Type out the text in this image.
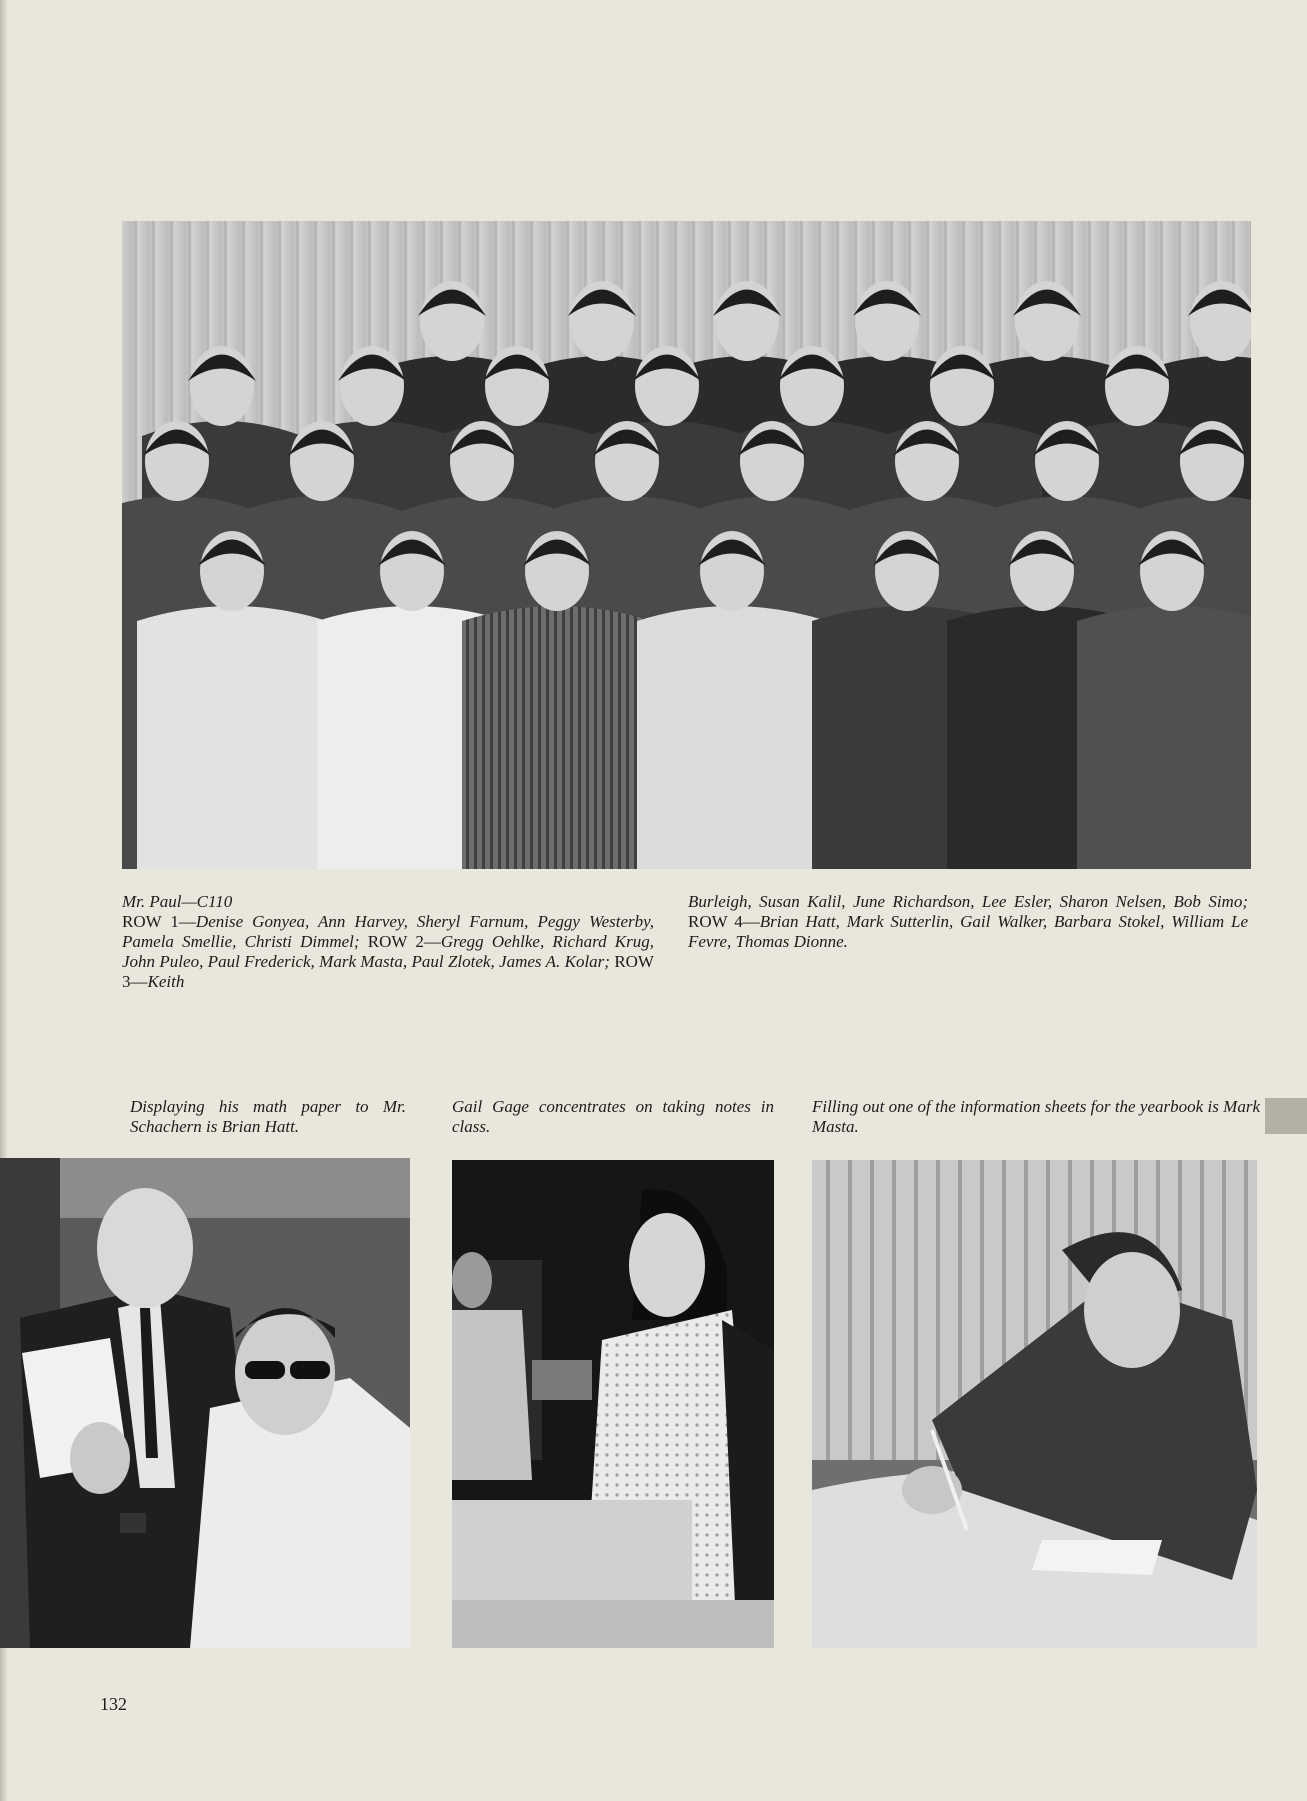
Mr. Paul—C110
ROW 1—Denise Gonyea, Ann Harvey, Sheryl Farnum, Peggy Westerby, Pamela Smellie, Christi Dimmel; ROW 2—Gregg Oehlke, Richard Krug, John Puleo, Paul Frederick, Mark Masta, Paul Zlotek, James A. Kolar; ROW 3—Keith
Burleigh, Susan Kalil, June Richardson, Lee Esler, Sharon Nelsen, Bob Simo; ROW 4—Brian Hatt, Mark Sutterlin, Gail Walker, Barbara Stokel, William Le Fevre, Thomas Dionne.
Displaying his math paper to Mr. Schachern is Brian Hatt.
Gail Gage concentrates on taking notes in class.
Filling out one of the information sheets for the yearbook is Mark Masta.
132
